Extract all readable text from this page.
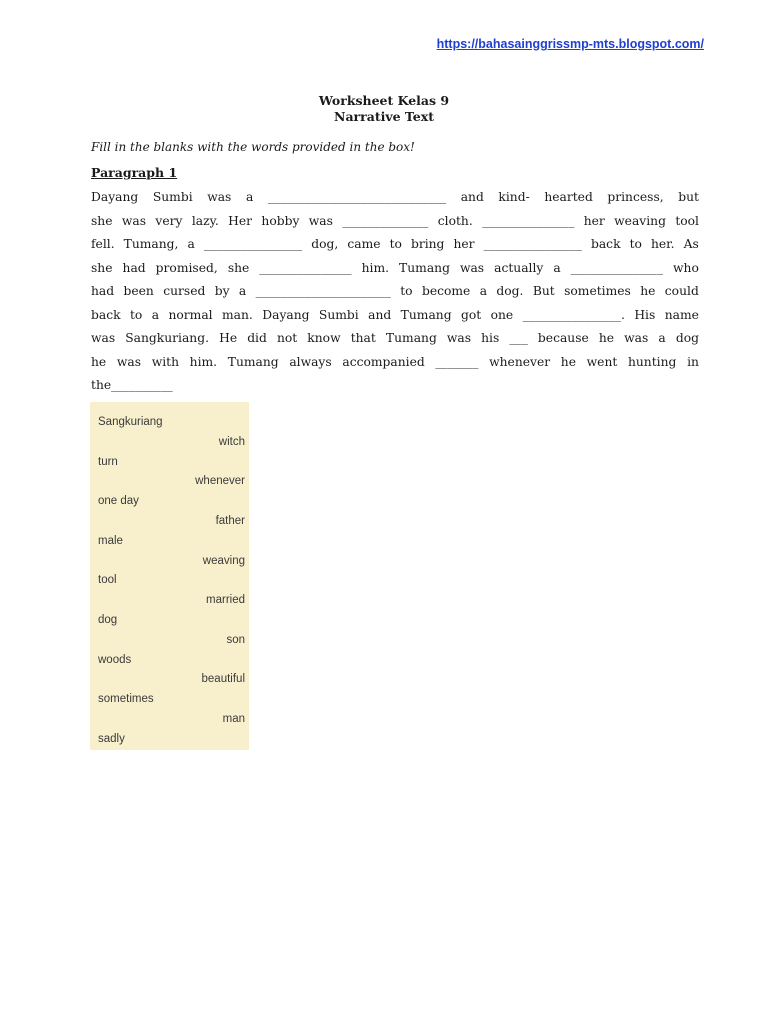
https://bahasainggrissmp-mts.blogspot.com/
Worksheet Kelas 9
Narrative Text
Fill in the blanks with the words provided in the box!
Paragraph 1
Dayang Sumbi was a _____________________________ and kind- hearted princess, but
she was very lazy. Her hobby was ______________ cloth. _______________ her weaving tool
fell. Tumang, a ________________ dog, came to bring her ________________ back to her. As
she had promised, she _______________ him. Tumang was actually a _______________ who
had been cursed by a ______________________ to become a dog. But sometimes he could
back to a normal man. Dayang Sumbi and Tumang got one ________________. His name
was Sangkuriang. He did not know that Tumang was his ___ because he was a dog
he was with him. Tumang always accompanied _______ whenever he went hunting in
the__________
Sangkuriang
witch
turn
whenever
one day
father
male
weaving
tool
married
dog
son
woods
beautiful
sometimes
man
sadly
